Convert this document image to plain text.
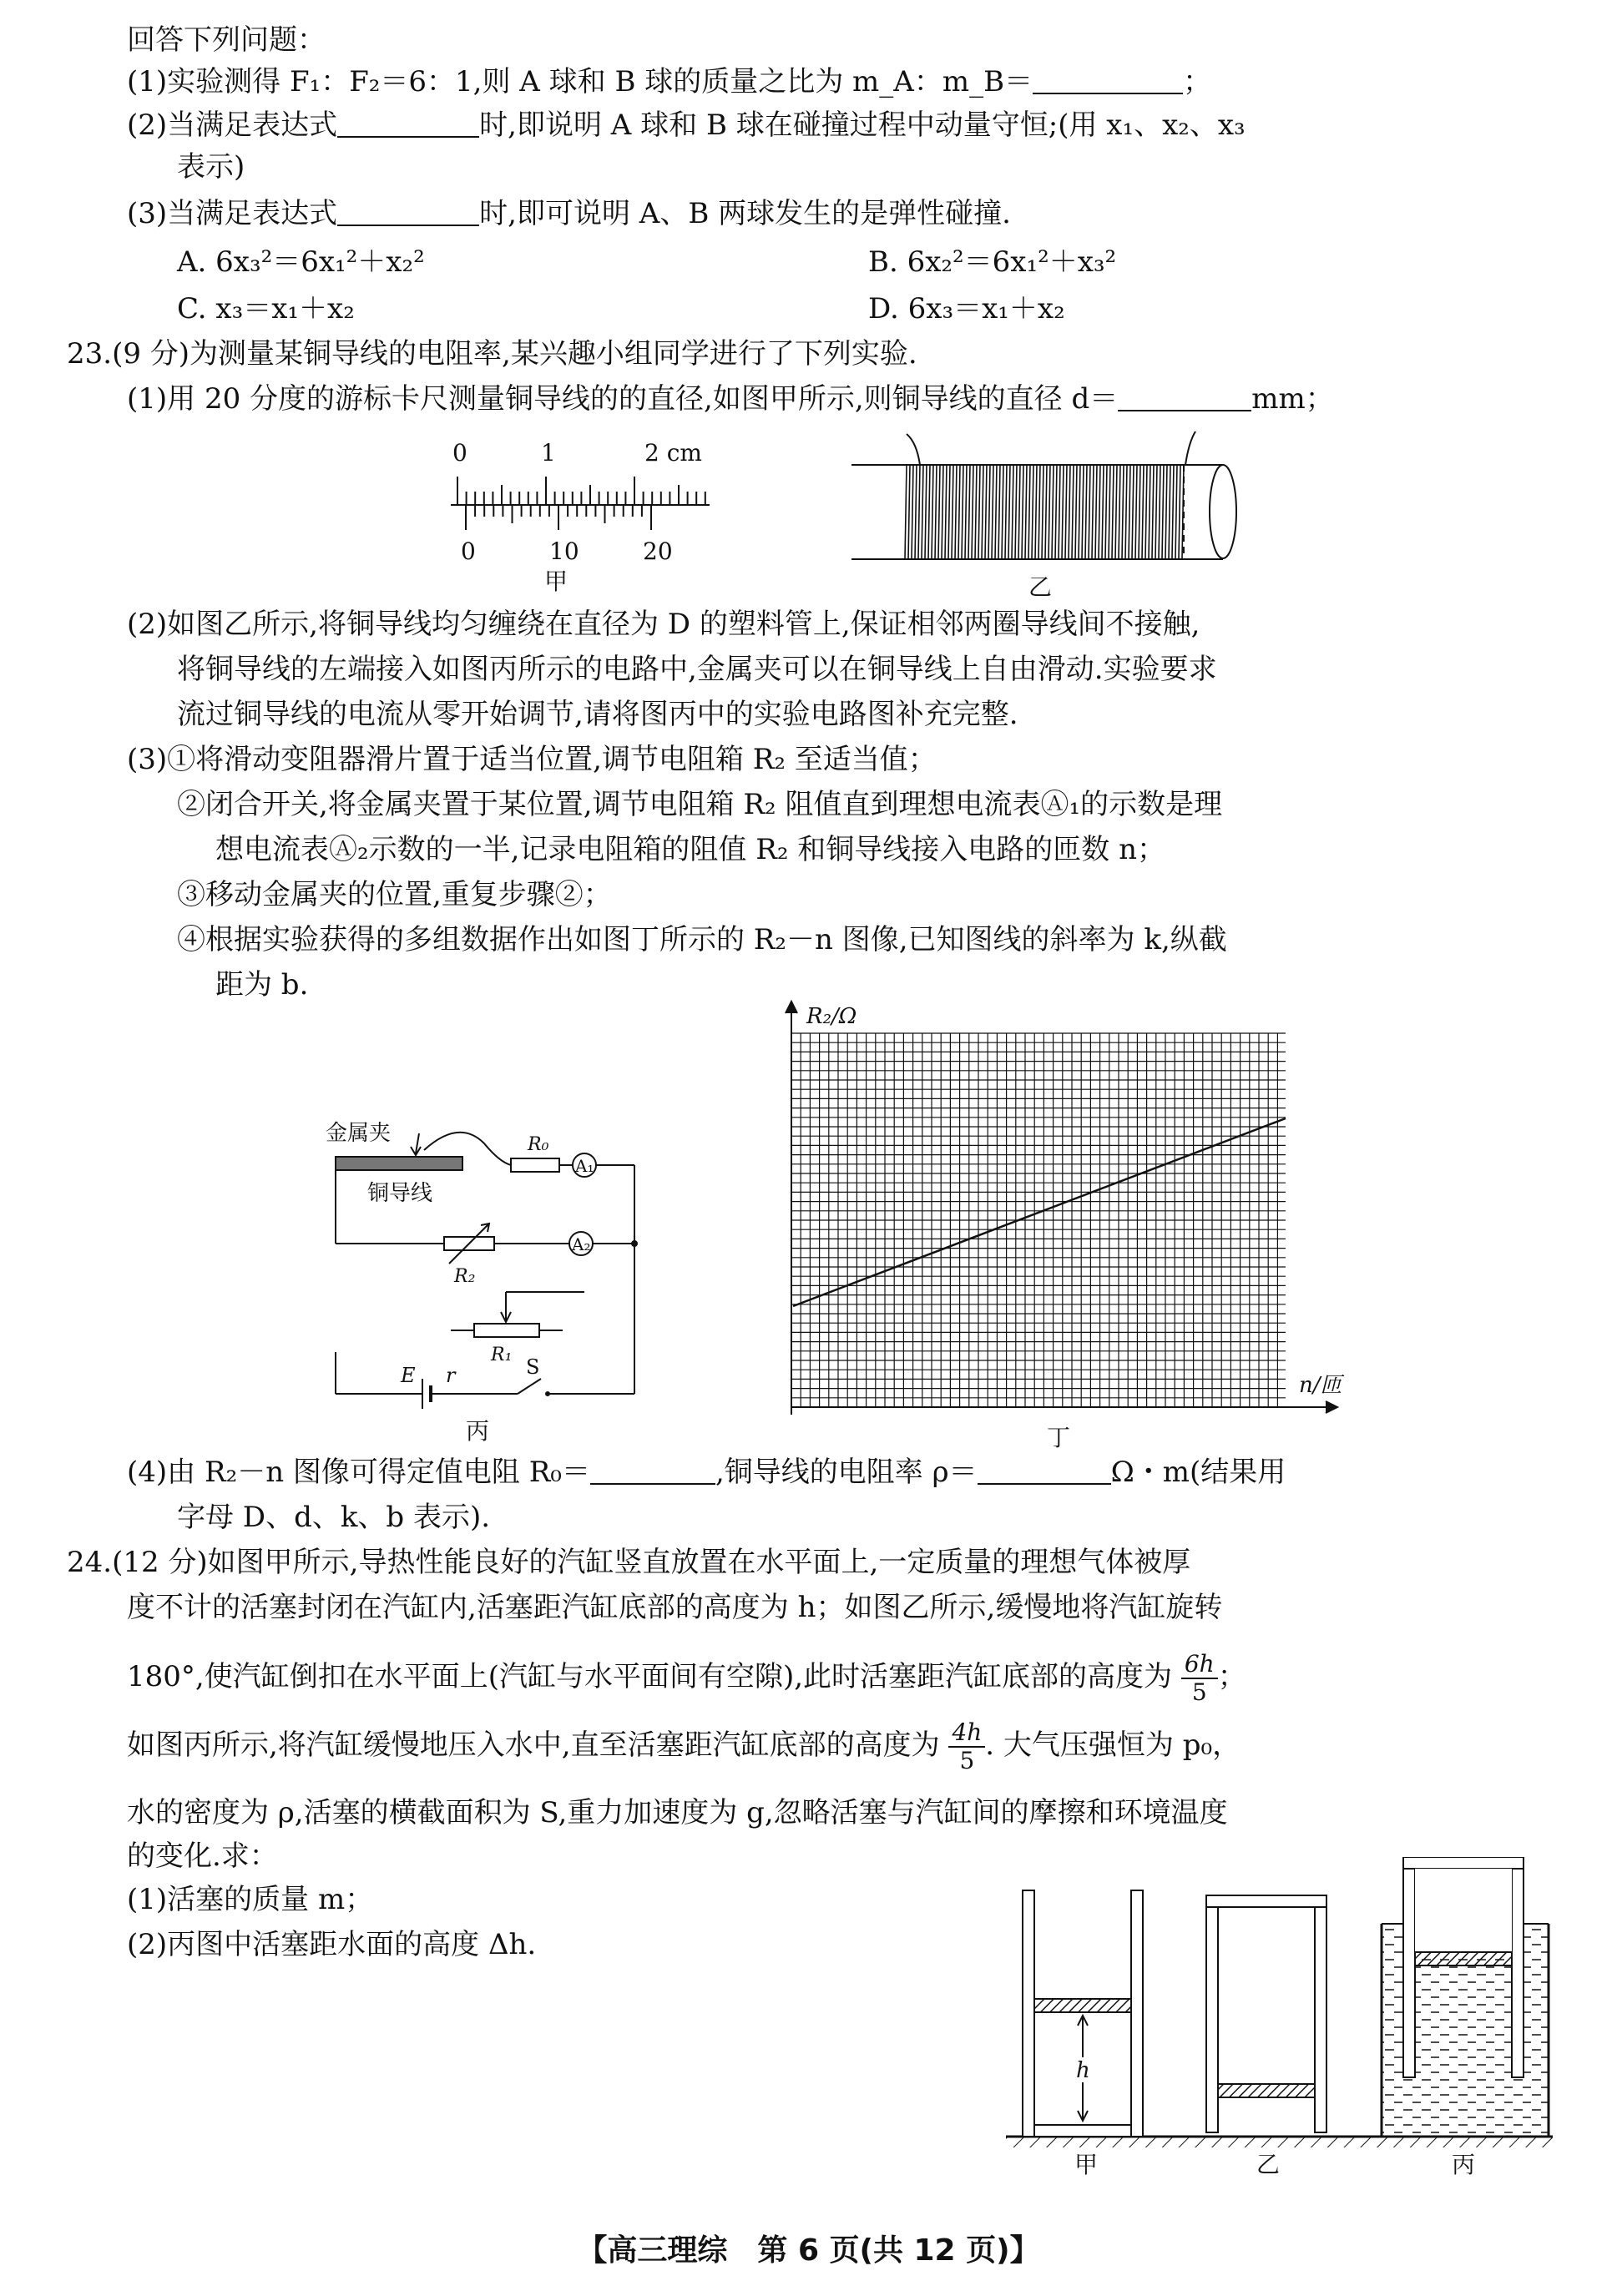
回答下列问题：
(1)实验测得 F₁：F₂＝6：1,则 A 球和 B 球的质量之比为 m_A：m_B＝	；
(2)当满足表达式	时,即说明 A 球和 B 球在碰撞过程中动量守恒;(用 x₁、x₂、x₃
表示)
(3)当满足表达式	时,即可说明 A、B 两球发生的是弹性碰撞.
A. 6x₃²＝6x₁²＋x₂²	B. 6x₂²＝6x₁²＋x₃²
C. x₃＝x₁＋x₂	D. 6x₃＝x₁＋x₂
23.(9 分)为测量某铜导线的电阻率,某兴趣小组同学进行了下列实验.
(1)用 20 分度的游标卡尺测量铜导线的的直径,如图甲所示,则铜导线的直径 d＝	mm；
0	1	2 cm
0	10	20
甲	乙
(2)如图乙所示,将铜导线均匀缠绕在直径为 D 的塑料管上,保证相邻两圈导线间不接触,
将铜导线的左端接入如图丙所示的电路中,金属夹可以在铜导线上自由滑动.实验要求
流过铜导线的电流从零开始调节,请将图丙中的实验电路图补充完整.
(3)①将滑动变阻器滑片置于适当位置,调节电阻箱 R₂ 至适当值；
②闭合开关,将金属夹置于某位置,调节电阻箱 R₂ 阻值直到理想电流表Ⓐ₁的示数是理
想电流表Ⓐ₂示数的一半,记录电阻箱的阻值 R₂ 和铜导线接入电路的匝数 n；
③移动金属夹的位置,重复步骤②；
④根据实验获得的多组数据作出如图丁所示的 R₂－n 图像,已知图线的斜率为 k,纵截
距为 b.
金属夹
铜导线
R₀
A₁
R₂
A₂
R₁
E r	S
丙
R₂/Ω
n/匝
丁
(4)由 R₂－n 图像可得定值电阻 R₀＝	,铜导线的电阻率 ρ＝	Ω・m(结果用
字母 D、d、k、b 表示).
24.(12 分)如图甲所示,导热性能良好的汽缸竖直放置在水平面上,一定质量的理想气体被厚
度不计的活塞封闭在汽缸内,活塞距汽缸底部的高度为 h；如图乙所示,缓慢地将汽缸旋转
180°,使汽缸倒扣在水平面上(汽缸与水平面间有空隙),此时活塞距汽缸底部的高度为 $\frac{6h}{5}$ ；
如图丙所示,将汽缸缓慢地压入水中,直至活塞距汽缸底部的高度为 $\frac{4h}{5}$ . 大气压强恒为 p₀，
水的密度为 ρ,活塞的横截面积为 S,重力加速度为 g,忽略活塞与汽缸间的摩擦和环境温度
的变化.求：
(1)活塞的质量 m；
(2)丙图中活塞距水面的高度 Δh.
h
甲	乙	丙
【高三理综　第 6 页(共 12 页)】
